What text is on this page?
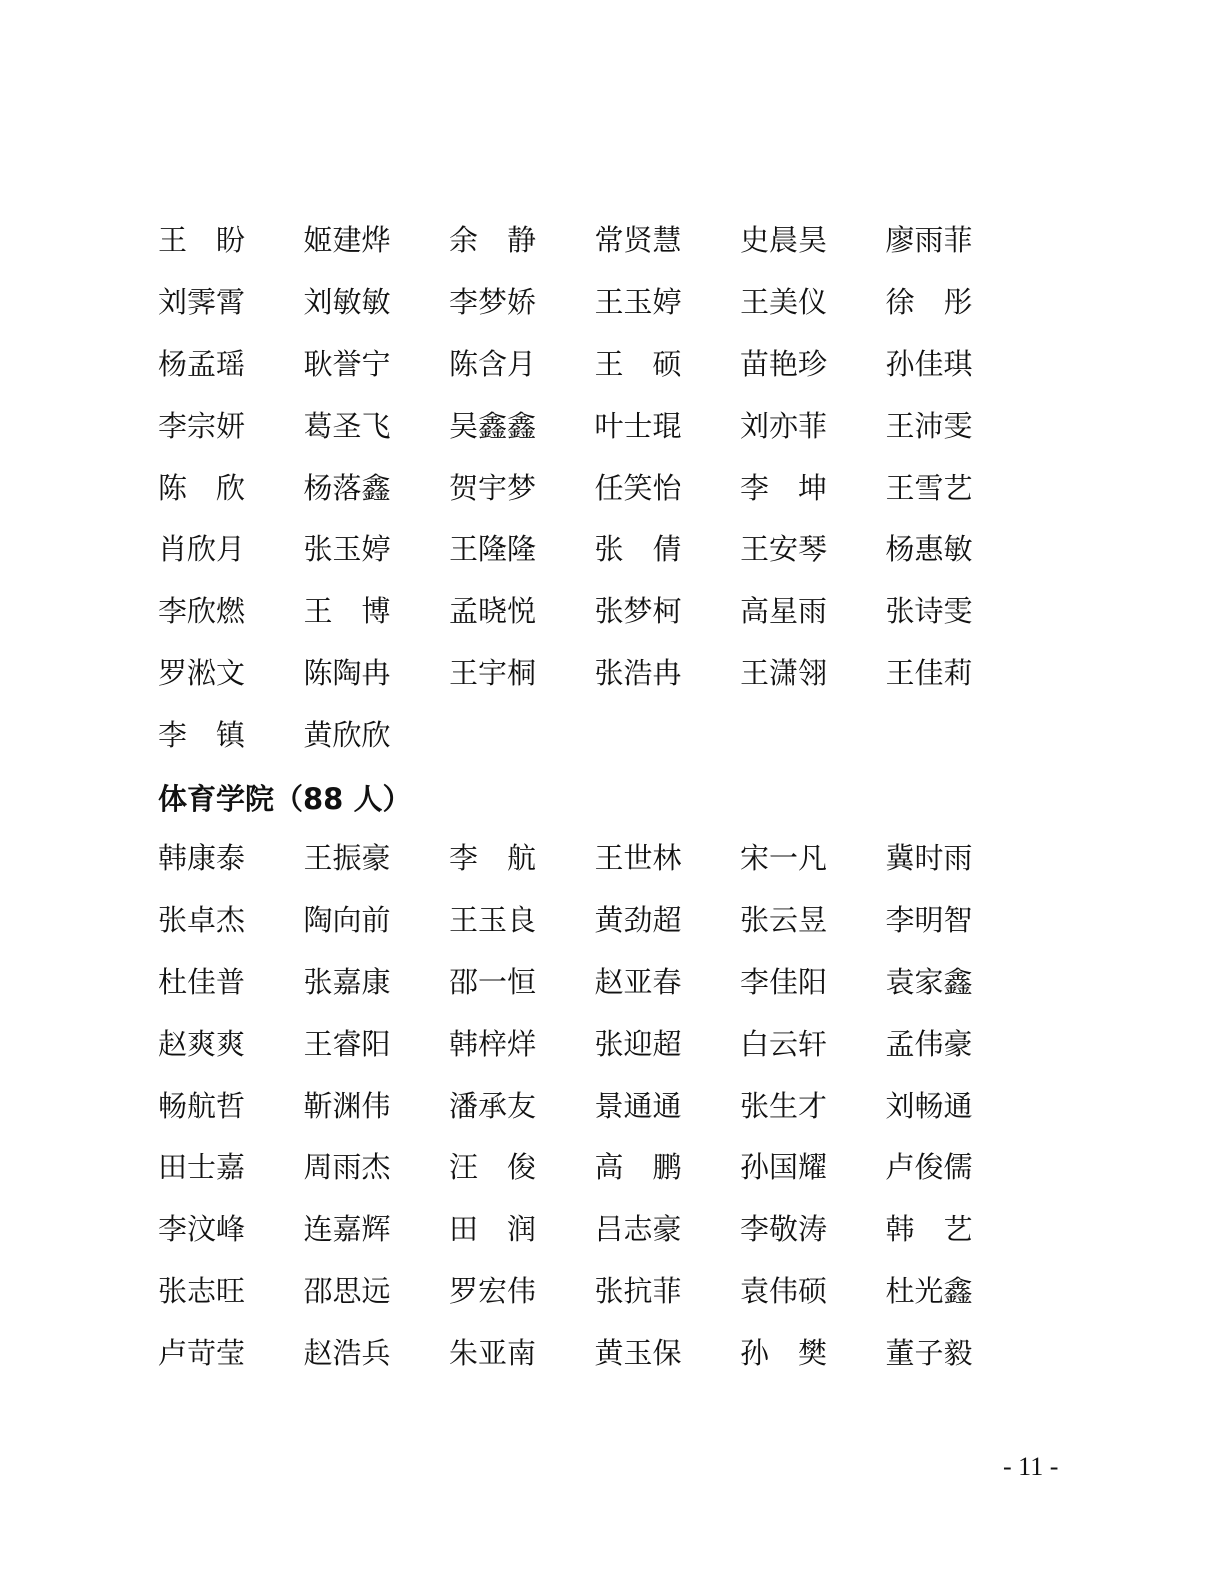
王　盼	姬建烨	余　静	常贤慧	史晨昊	廖雨菲
刘霁霄	刘敏敏	李梦娇	王玉婷	王美仪	徐　彤
杨孟瑶	耿誉宁	陈含月	王　硕	苗艳珍	孙佳琪
李宗妍	葛圣飞	吴鑫鑫	叶士琨	刘亦菲	王沛雯
陈　欣	杨落鑫	贺宇梦	任笑怡	李　坤	王雪艺
肖欣月	张玉婷	王隆隆	张　倩	王安琴	杨惠敏
李欣燃	王　博	孟晓悦	张梦柯	高星雨	张诗雯
罗淞文	陈陶冉	王宇桐	张浩冉	王潇翎	王佳莉
李　镇	黄欣欣
体育学院（88 人）
韩康泰	王振豪	李　航	王世林	宋一凡	冀时雨
张卓杰	陶向前	王玉良	黄劲超	张云昱	李明智
杜佳普	张嘉康	邵一恒	赵亚春	李佳阳	袁家鑫
赵爽爽	王睿阳	韩梓烊	张迎超	白云轩	孟伟豪
畅航哲	靳渊伟	潘承友	景通通	张生才	刘畅通
田士嘉	周雨杰	汪　俊	高　鹏	孙国耀	卢俊儒
李汶峰	连嘉辉	田　润	吕志豪	李敬涛	韩　艺
张志旺	邵思远	罗宏伟	张抗菲	袁伟硕	杜光鑫
卢苛莹	赵浩兵	朱亚南	黄玉保	孙　樊	董子毅
- 11 -
